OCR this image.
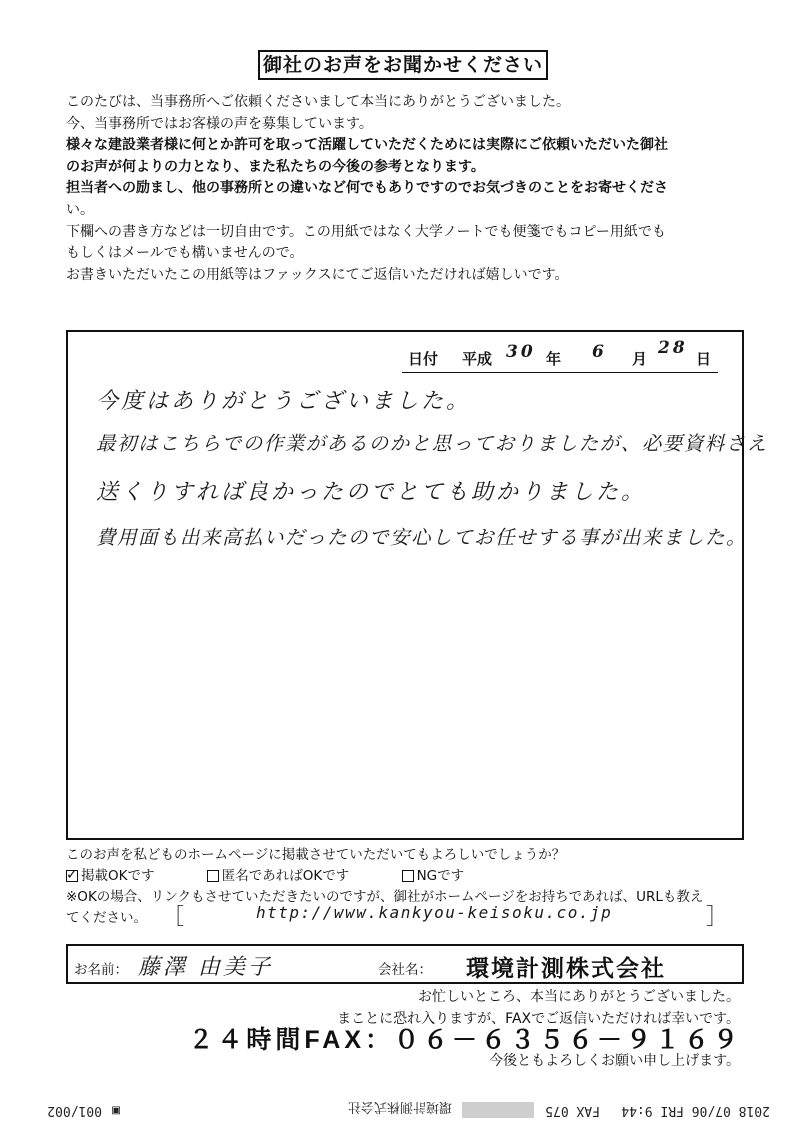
御社のお声をお聞かせください

このたびは、当事務所へご依頼くださいまして本当にありがとうございました。

今、当事務所ではお客様の声を募集しています。

様々な建設業者様に何とか許可を取って活躍していただくためには実際にご依頼いただいた御社

のお声が何よりの力となり、また私たちの今後の参考となります。

担当者への励まし、他の事務所との違いなど何でもありですのでお気づきのことをお寄せくださ

い。

下欄への書き方などは一切自由です。この用紙ではなく大学ノートでも便箋でもコピー用紙でも

もしくはメールでも構いませんので。

お書きいただいたこの用紙等はファックスにてご返信いただければ嬉しいです。

日付 平成 30 年 6 月
28
日
今度はありがとうございました。
最初はこちらでの作業があるのかと思っておりましたが、必要資料さえ
送くりすれば良かったのでとても助かりました。
費用面も出来高払いだったので安心してお任せする事が出来ました。

このお声を私どものホームページに掲載させていただいてもよろしいでしょうか？

✓掲載OKです	匿名であればOKです	NGです

※OKの場合、リンクもさせていただきたいのですが、御社がホームページをお持ちであれば、URLも教え

てください。 ［	http://www.kankyou-keisoku.co.jp	］
お名前： 藤澤 由美子	会社名： 環境計測株式会社

お忙しいところ、本当にありがとうございました。

まことに恐れ入りますが、FAXでご返信いただければ幸いです。

２４時間FAX：０６－６３５６－９１６９
今後ともよろしくお願い申し上げます。
2018 07/06 FRI 9:44
FAX 075
環境計測株式会社
▣
001/002
